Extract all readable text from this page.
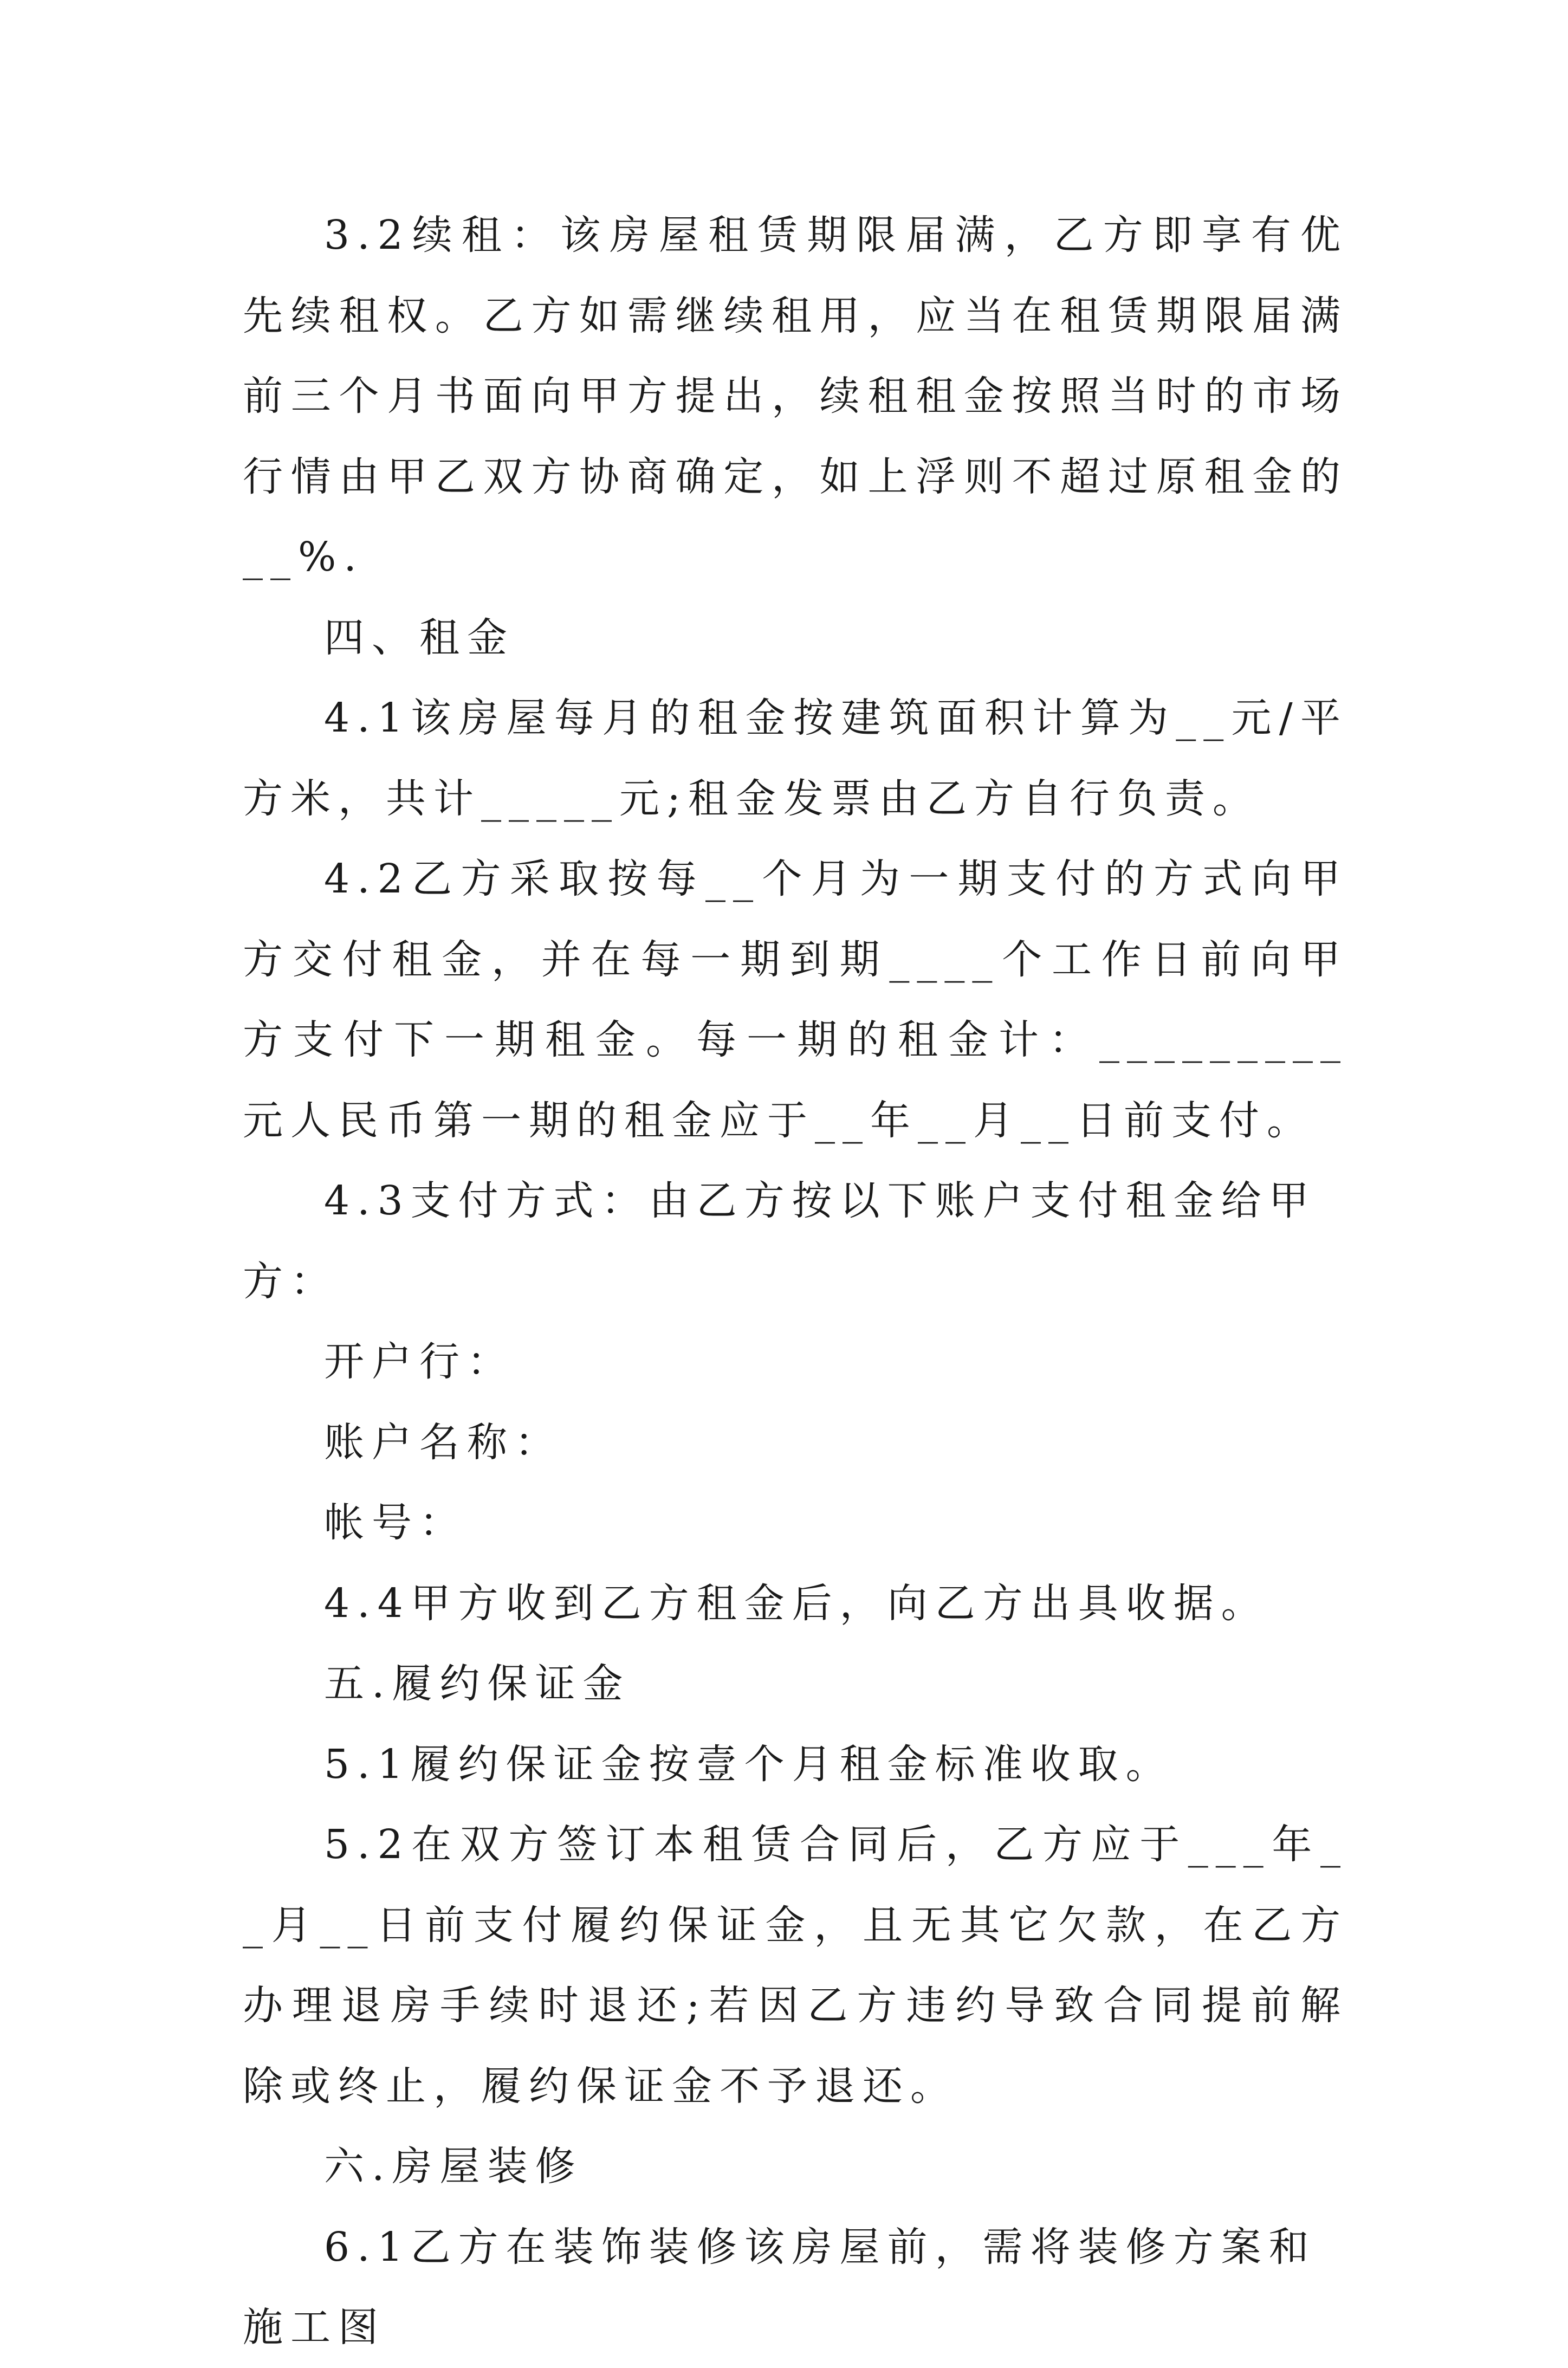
3.2续租：该房屋租赁期限届满，乙方即享有优先续租权。乙方如需继续租用，应当在租赁期限届满前三个月书面向甲方提出，续租租金按照当时的市场行情由甲乙双方协商确定，如上浮则不超过原租金的__%.

四、租金

4.1该房屋每月的租金按建筑面积计算为__元/平方米，共计_____元;租金发票由乙方自行负责。

4.2乙方采取按每__个月为一期支付的方式向甲方交付租金，并在每一期到期____个工作日前向甲方支付下一期租金。每一期的租金计：_________元人民币第一期的租金应于__年__月__日前支付。

4.3支付方式：由乙方按以下账户支付租金给甲方：

开户行：

账户名称：

帐号：

4.4甲方收到乙方租金后，向乙方出具收据。

五.履约保证金

5.1履约保证金按壹个月租金标准收取。

5.2在双方签订本租赁合同后，乙方应于___年__月__日前支付履约保证金，且无其它欠款，在乙方办理退房手续时退还;若因乙方违约导致合同提前解除或终止，履约保证金不予退还。

六.房屋装修

6.1乙方在装饰装修该房屋前，需将装修方案和施工图
